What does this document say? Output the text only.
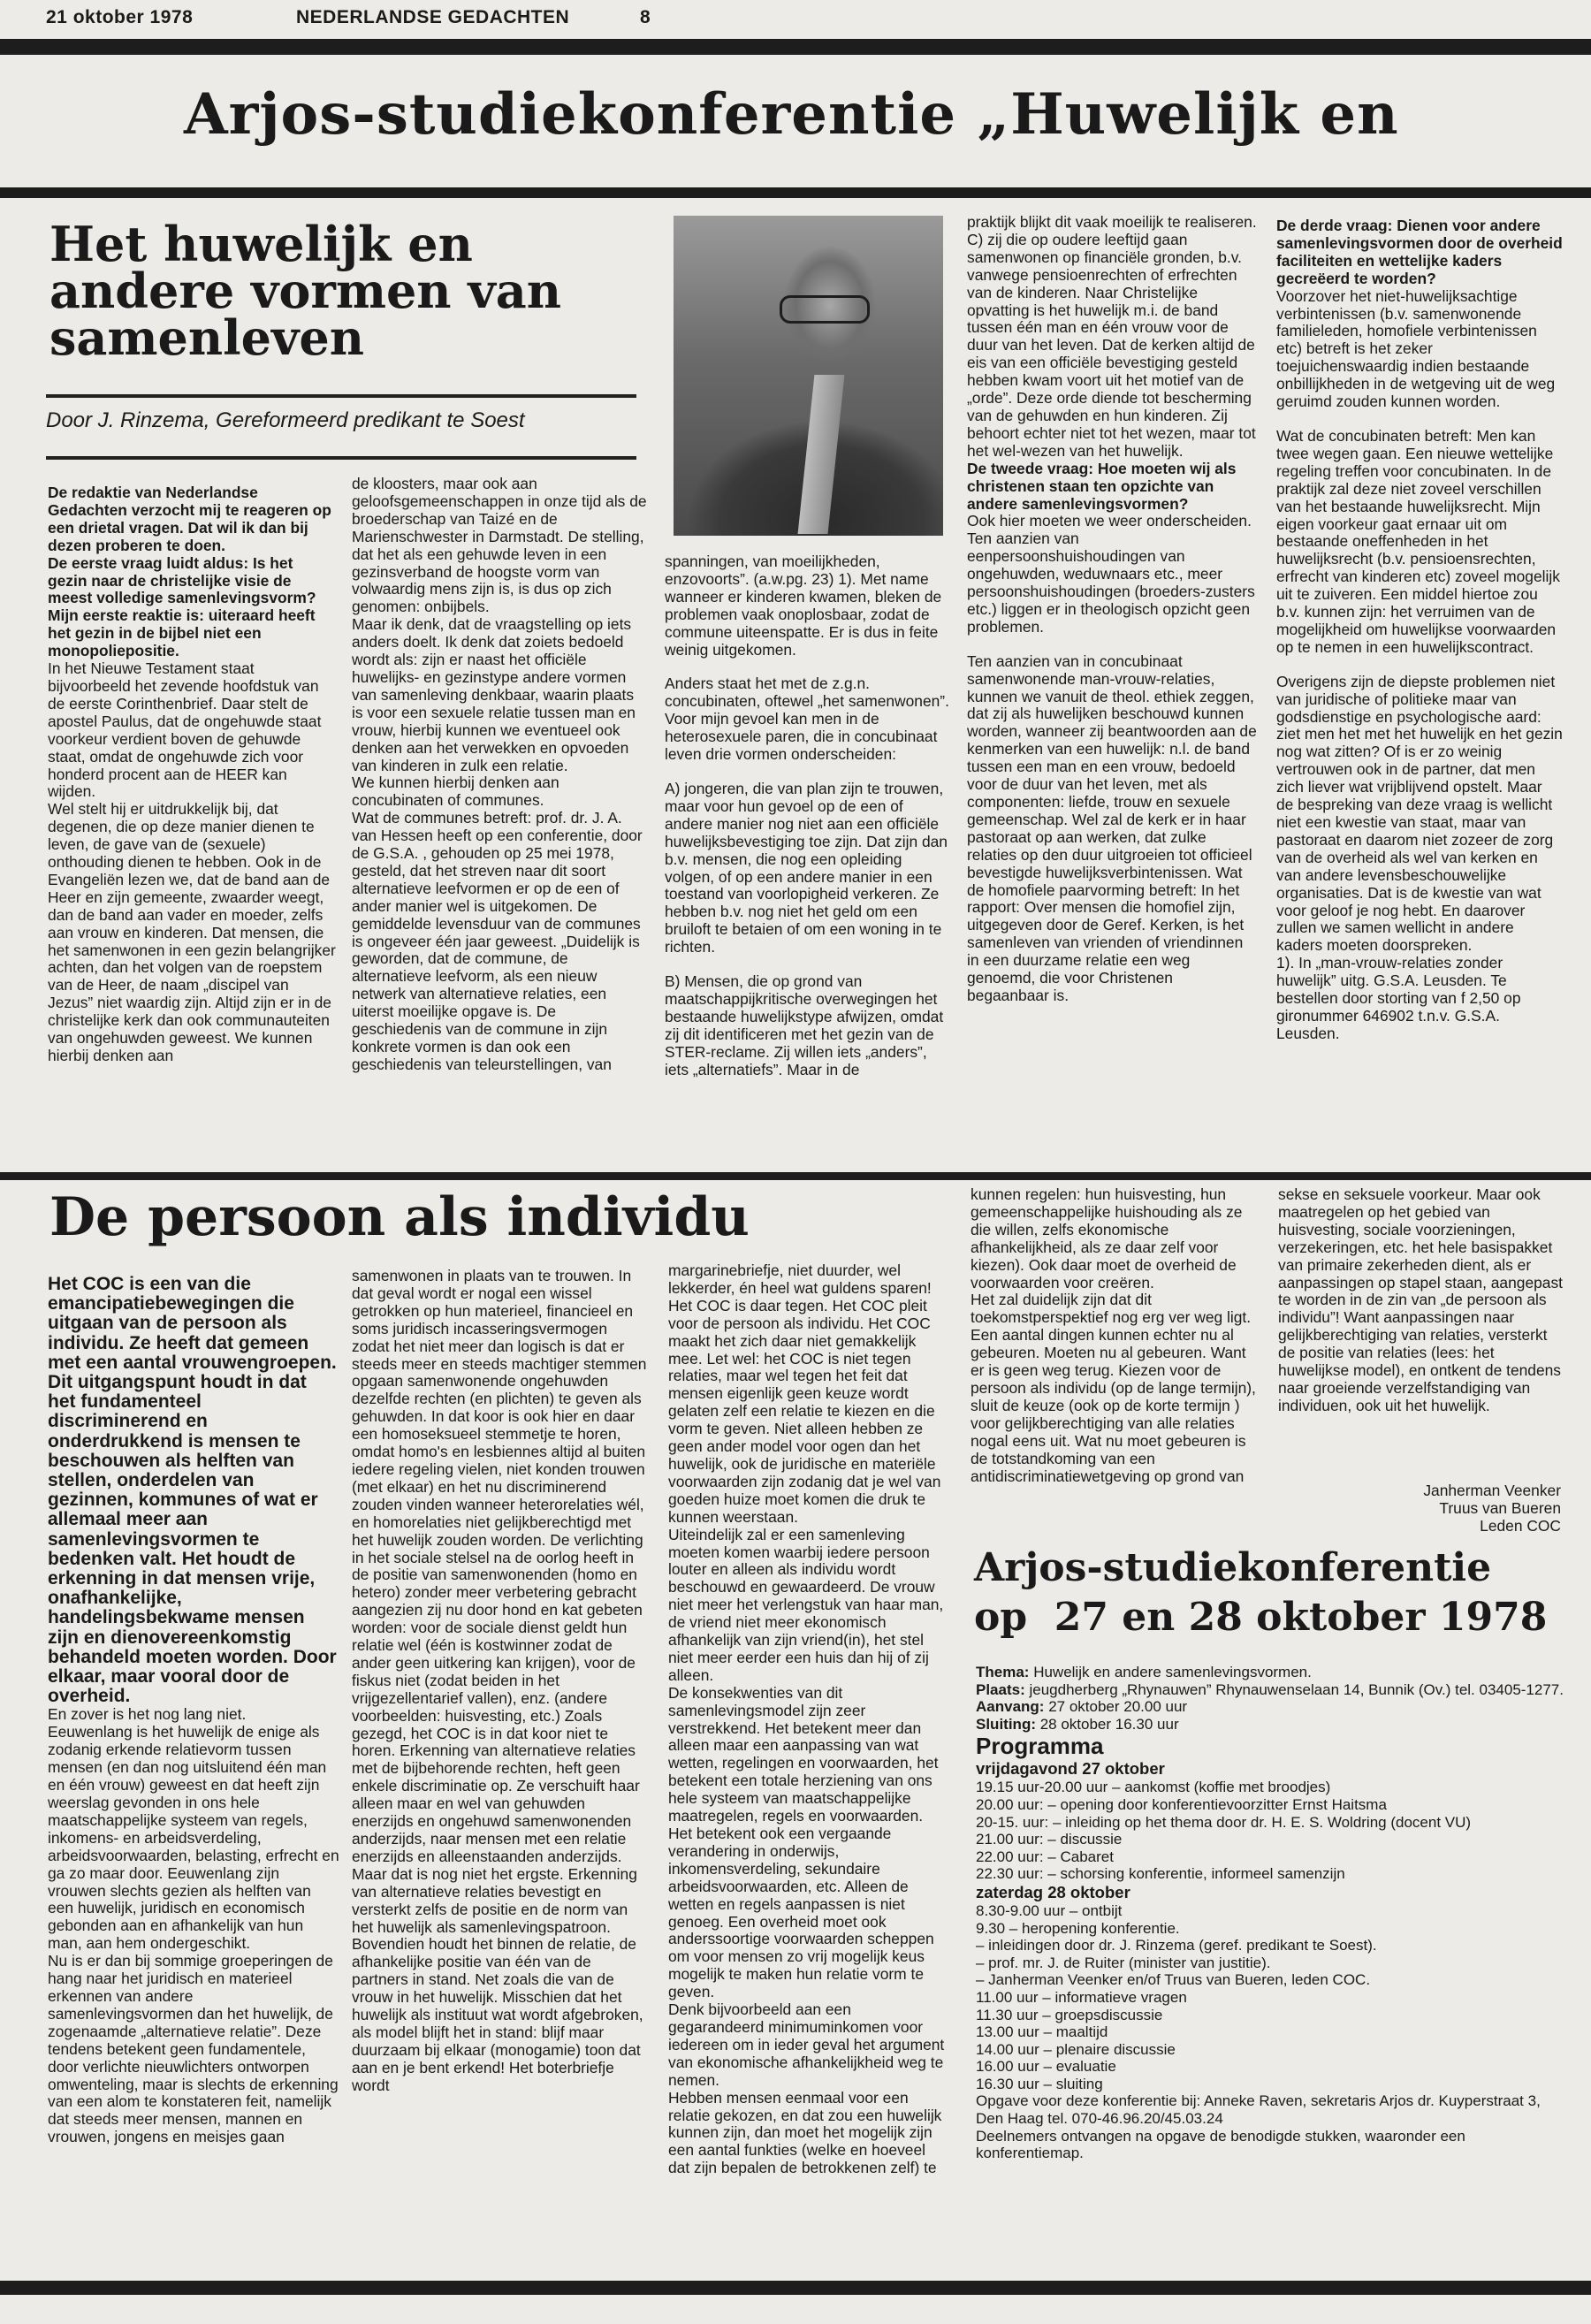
21 oktober 1978	NEDERLANDSE GEDACHTEN	8
Arjos-studiekonferentie „Huwelijk en
Het huwelijk en
andere vormen van
samenleven
Door J. Rinzema, Gereformeerd predikant te Soest

De redaktie van Nederlandse Gedachten verzocht mij te reageren op een drietal vragen. Dat wil ik dan bij dezen proberen te doen.

De eerste vraag luidt aldus: Is het gezin naar de christelijke visie de meest volledige samenlevingsvorm?

Mijn eerste reaktie is: uiteraard heeft het gezin in de bijbel niet een monopoliepositie.

In het Nieuwe Testament staat bijvoorbeeld het zevende hoofdstuk van de eerste Corinthenbrief. Daar stelt de apostel Paulus, dat de ongehuwde staat voorkeur verdient boven de gehuwde staat, omdat de ongehuwde zich voor honderd procent aan de HEER kan wijden.

Wel stelt hij er uitdrukkelijk bij, dat degenen, die op deze manier dienen te leven, de gave van de (sexuele) onthouding dienen te hebben. Ook in de Evangeliën lezen we, dat de band aan de Heer en zijn gemeente, zwaarder weegt, dan de band aan vader en moeder, zelfs aan vrouw en kinderen. Dat mensen, die het samenwonen in een gezin belangrijker achten, dan het volgen van de roepstem van de Heer, de naam „discipel van Jezus” niet waardig zijn. Altijd zijn er in de christelijke kerk dan ook communauteiten van ongehuwden geweest. We kunnen hierbij denken aan

de kloosters, maar ook aan geloofsgemeenschappen in onze tijd als de broederschap van Taizé en de Marienschwester in Darmstadt. De stelling, dat het als een gehuwde leven in een gezinsverband de hoogste vorm van volwaardig mens zijn is, is dus op zich genomen: onbijbels.

Maar ik denk, dat de vraagstelling op iets anders doelt. Ik denk dat zoiets bedoeld wordt als: zijn er naast het officiële huwelijks- en gezinstype andere vormen van samenleving denkbaar, waarin plaats is voor een sexuele relatie tussen man en vrouw, hierbij kunnen we eventueel ook denken aan het verwekken en opvoeden van kinderen in zulk een relatie.

We kunnen hierbij denken aan concubinaten of communes.

Wat de communes betreft: prof. dr. J. A. van Hessen heeft op een conferentie, door de G.S.A. , gehouden op 25 mei 1978, gesteld, dat het streven naar dit soort alternatieve leefvormen er op de een of ander manier wel is uitgekomen. De gemiddelde levensduur van de communes is ongeveer één jaar geweest. „Duidelijk is geworden, dat de commune, de alternatieve leefvorm, als een nieuw netwerk van alternatieve relaties, een uiterst moeilijke opgave is. De geschiedenis van de commune in zijn konkrete vormen is dan ook een geschiedenis van teleurstellingen, van

spanningen, van moeilijkheden, enzovoorts”. (a.w.pg. 23) 1). Met name wanneer er kinderen kwamen, bleken de problemen vaak onoplosbaar, zodat de commune uiteenspatte. Er is dus in feite weinig uitgekomen.

Anders staat het met de z.g.n. concubinaten, oftewel „het samenwonen”. Voor mijn gevoel kan men in de heterosexuele paren, die in concubinaat leven drie vormen onderscheiden:

A) jongeren, die van plan zijn te trouwen, maar voor hun gevoel op de een of andere manier nog niet aan een officiële huwelijksbevestiging toe zijn. Dat zijn dan b.v. mensen, die nog een opleiding volgen, of op een andere manier in een toestand van voorlopigheid verkeren. Ze hebben b.v. nog niet het geld om een bruiloft te betaien of om een woning in te richten.

B) Mensen, die op grond van maatschappijkritische overwegingen het bestaande huwelijkstype afwijzen, omdat zij dit identificeren met het gezin van de STER-reclame. Zij willen iets „anders”, iets „alternatiefs”. Maar in de

praktijk blijkt dit vaak moeilijk te realiseren. C) zij die op oudere leeftijd gaan samenwonen op financiële gronden, b.v. vanwege pensioenrechten of erfrechten van de kinderen. Naar Christelijke opvatting is het huwelijk m.i. de band tussen één man en één vrouw voor de duur van het leven. Dat de kerken altijd de eis van een officiële bevestiging gesteld hebben kwam voort uit het motief van de „orde”. Deze orde diende tot bescherming van de gehuwden en hun kinderen. Zij behoort echter niet tot het wezen, maar tot het wel-wezen van het huwelijk.

De tweede vraag: Hoe moeten wij als christenen staan ten opzichte van andere samenlevingsvormen?

Ook hier moeten we weer onderscheiden. Ten aanzien van eenpersoonshuishoudingen van ongehuwden, weduwnaars etc., meer persoonshuishoudingen (broeders-zusters etc.) liggen er in theologisch opzicht geen problemen.

Ten aanzien van in concubinaat samenwonende man-vrouw-relaties, kunnen we vanuit de theol. ethiek zeggen, dat zij als huwelijken beschouwd kunnen worden, wanneer zij beantwoorden aan de kenmerken van een huwelijk: n.l. de band tussen een man en een vrouw, bedoeld voor de duur van het leven, met als componenten: liefde, trouw en sexuele gemeenschap. Wel zal de kerk er in haar pastoraat op aan werken, dat zulke relaties op den duur uitgroeien tot officieel bevestigde huwelijksverbintenissen. Wat de homofiele paarvorming betreft: In het rapport: Over mensen die homofiel zijn, uitgegeven door de Geref. Kerken, is het samenleven van vrienden of vriendinnen in een duurzame relatie een weg genoemd, die voor Christenen begaanbaar is.

De derde vraag: Dienen voor andere samenlevingsvormen door de overheid faciliteiten en wettelijke kaders gecreëerd te worden?

Voorzover het niet-huwelijksachtige verbintenissen (b.v. samenwonende familieleden, homofiele verbintenissen etc) betreft is het zeker toejuichenswaardig indien bestaande onbillijkheden in de wetgeving uit de weg geruimd zouden kunnen worden.

Wat de concubinaten betreft: Men kan twee wegen gaan. Een nieuwe wettelijke regeling treffen voor concubinaten. In de praktijk zal deze niet zoveel verschillen van het bestaande huwelijksrecht. Mijn eigen voorkeur gaat ernaar uit om bestaande oneffenheden in het huwelijksrecht (b.v. pensioensrechten, erfrecht van kinderen etc) zoveel mogelijk uit te zuiveren. Een middel hiertoe zou b.v. kunnen zijn: het verruimen van de mogelijkheid om huwelijkse voorwaarden op te nemen in een huwelijkscontract.

Overigens zijn de diepste problemen niet van juridische of politieke maar van godsdienstige en psychologische aard: ziet men het met het huwelijk en het gezin nog wat zitten? Of is er zo weinig vertrouwen ook in de partner, dat men zich liever wat vrijblijvend opstelt. Maar de bespreking van deze vraag is wellicht niet een kwestie van staat, maar van pastoraat en daarom niet zozeer de zorg van de overheid als wel van kerken en van andere levensbeschouwelijke organisaties. Dat is de kwestie van wat voor geloof je nog hebt. En daarover zullen we samen wellicht in andere kaders moeten doorspreken.

1). In „man-vrouw-relaties zonder huwelijk” uitg. G.S.A. Leusden. Te bestellen door storting van f 2,50 op gironummer 646902 t.n.v. G.S.A. Leusden.

De persoon als individu

Het COC is een van die emancipatiebewegingen die uitgaan van de persoon als individu. Ze heeft dat gemeen met een aantal vrouwengroepen. Dit uitgangspunt houdt in dat het fundamenteel discriminerend en onderdrukkend is mensen te beschouwen als helften van stellen, onderdelen van gezinnen, kommunes of wat er allemaal meer aan samenlevingsvormen te bedenken valt. Het houdt de erkenning in dat mensen vrije, onafhankelijke, handelingsbekwame mensen zijn en dienovereenkomstig behandeld moeten worden. Door elkaar, maar vooral door de overheid.

En zover is het nog lang niet.

Eeuwenlang is het huwelijk de enige als zodanig erkende relatievorm tussen mensen (en dan nog uitsluitend één man en één vrouw) geweest en dat heeft zijn weerslag gevonden in ons hele maatschappelijke systeem van regels, inkomens- en arbeidsverdeling, arbeidsvoorwaarden, belasting, erfrecht en ga zo maar door. Eeuwenlang zijn vrouwen slechts gezien als helften van een huwelijk, juridisch en economisch gebonden aan en afhankelijk van hun man, aan hem ondergeschikt.

Nu is er dan bij sommige groeperingen de hang naar het juridisch en materieel erkennen van andere samenlevingsvormen dan het huwelijk, de zogenaamde „alternatieve relatie”. Deze tendens betekent geen fundamentele, door verlichte nieuwlichters ontworpen omwenteling, maar is slechts de erkenning van een alom te konstateren feit, namelijk dat steeds meer mensen, mannen en vrouwen, jongens en meisjes gaan

samenwonen in plaats van te trouwen. In dat geval wordt er nogal een wissel getrokken op hun materieel, financieel en soms juridisch incasseringsvermogen zodat het niet meer dan logisch is dat er steeds meer en steeds machtiger stemmen opgaan samenwonende ongehuwden dezelfde rechten (en plichten) te geven als gehuwden. In dat koor is ook hier en daar een homoseksueel stemmetje te horen, omdat homo's en lesbiennes altijd al buiten iedere regeling vielen, niet konden trouwen (met elkaar) en het nu discriminerend zouden vinden wanneer heterorelaties wél, en homorelaties niet gelijkberechtigd met het huwelijk zouden worden. De verlichting in het sociale stelsel na de oorlog heeft in de positie van samenwonenden (homo en hetero) zonder meer verbetering gebracht aangezien zij nu door hond en kat gebeten worden: voor de sociale dienst geldt hun relatie wel (één is kostwinner zodat de ander geen uitkering kan krijgen), voor de fiskus niet (zodat beiden in het vrijgezellentarief vallen), enz. (andere voorbeelden: huisvesting, etc.) Zoals gezegd, het COC is in dat koor niet te horen. Erkenning van alternatieve relaties met de bijbehorende rechten, heft geen enkele discriminatie op. Ze verschuift haar alleen maar en wel van gehuwden enerzijds en ongehuwd samenwonenden anderzijds, naar mensen met een relatie enerzijds en alleenstaanden anderzijds. Maar dat is nog niet het ergste. Erkenning van alternatieve relaties bevestigt en versterkt zelfs de positie en de norm van het huwelijk als samenlevingspatroon. Bovendien houdt het binnen de relatie, de afhankelijke positie van één van de partners in stand. Net zoals die van de vrouw in het huwelijk. Misschien dat het huwelijk als instituut wat wordt afgebroken, als model blijft het in stand: blijf maar duurzaam bij elkaar (monogamie) toon dat aan en je bent erkend! Het boterbriefje wordt

margarinebriefje, niet duurder, wel lekkerder, én heel wat guldens sparen! Het COC is daar tegen. Het COC pleit voor de persoon als individu. Het COC maakt het zich daar niet gemakkelijk mee. Let wel: het COC is niet tegen relaties, maar wel tegen het feit dat mensen eigenlijk geen keuze wordt gelaten zelf een relatie te kiezen en die vorm te geven. Niet alleen hebben ze geen ander model voor ogen dan het huwelijk, ook de juridische en materiële voorwaarden zijn zodanig dat je wel van goeden huize moet komen die druk te kunnen weerstaan.

Uiteindelijk zal er een samenleving moeten komen waarbij iedere persoon louter en alleen als individu wordt beschouwd en gewaardeerd. De vrouw niet meer het verlengstuk van haar man, de vriend niet meer ekonomisch afhankelijk van zijn vriend(in), het stel niet meer eerder een huis dan hij of zij alleen.

De konsekwenties van dit samenlevingsmodel zijn zeer verstrekkend. Het betekent meer dan alleen maar een aanpassing van wat wetten, regelingen en voorwaarden, het betekent een totale herziening van ons hele systeem van maatschappelijke maatregelen, regels en voorwaarden. Het betekent ook een vergaande verandering in onderwijs, inkomensverdeling, sekundaire arbeidsvoorwaarden, etc. Alleen de wetten en regels aanpassen is niet genoeg. Een overheid moet ook anderssoortige voorwaarden scheppen om voor mensen zo vrij mogelijk keus mogelijk te maken hun relatie vorm te geven.

Denk bijvoorbeeld aan een gegarandeerd minimuminkomen voor iedereen om in ieder geval het argument van ekonomische afhankelijkheid weg te nemen.

Hebben mensen eenmaal voor een relatie gekozen, en dat zou een huwelijk kunnen zijn, dan moet het mogelijk zijn een aantal funkties (welke en hoeveel dat zijn bepalen de betrokkenen zelf) te

kunnen regelen: hun huisvesting, hun gemeenschappelijke huishouding als ze die willen, zelfs ekonomische afhankelijkheid, als ze daar zelf voor kiezen). Ook daar moet de overheid de voorwaarden voor creëren.

Het zal duidelijk zijn dat dit toekomstperspektief nog erg ver weg ligt. Een aantal dingen kunnen echter nu al gebeuren. Moeten nu al gebeuren. Want er is geen weg terug. Kiezen voor de persoon als individu (op de lange termijn), sluit de keuze (ook op de korte termijn ) voor gelijkberechtiging van alle relaties nogal eens uit. Wat nu moet gebeuren is de totstandkoming van een antidiscriminatiewetgeving op grond van

sekse en seksuele voorkeur. Maar ook maatregelen op het gebied van huisvesting, sociale voorzieningen, verzekeringen, etc. het hele basispakket van primaire zekerheden dient, als er aanpassingen op stapel staan, aangepast te worden in de zin van „de persoon als individu”! Want aanpassingen naar gelijkberechtiging van relaties, versterkt de positie van relaties (lees: het huwelijkse model), en ontkent de tendens naar groeiende verzelfstandiging van individuen, ook uit het huwelijk.

Janherman Veenker
Truus van Bueren
Leden COC
Arjos-studiekonferentie
op  27 en 28 oktober 1978

Thema: Huwelijk en andere samenlevingsvormen.

Plaats: jeugdherberg „Rhynauwen” Rhynauwenselaan 14, Bunnik (Ov.) tel. 03405-1277.

Aanvang: 27 oktober 20.00 uur

Sluiting: 28 oktober 16.30 uur

Programma

vrijdagavond 27 oktober

19.15 uur-20.00 uur – aankomst (koffie met broodjes)

20.00 uur: – opening door konferentievoorzitter Ernst Haitsma

20-15. uur: – inleiding op het thema door dr. H. E. S. Woldring (docent VU)

21.00 uur: – discussie

22.00 uur: – Cabaret

22.30 uur: – schorsing konferentie, informeel samenzijn

zaterdag 28 oktober

8.30-9.00 uur – ontbijt

9.30 – heropening konferentie.

– inleidingen door dr. J. Rinzema (geref. predikant te Soest).

– prof. mr. J. de Ruiter (minister van justitie).

– Janherman Veenker en/of Truus van Bueren, leden COC.

11.00 uur – informatieve vragen

11.30 uur – groepsdiscussie

13.00 uur – maaltijd

14.00 uur – plenaire discussie

16.00 uur – evaluatie

16.30 uur – sluiting

Opgave voor deze konferentie bij: Anneke Raven, sekretaris Arjos dr. Kuyperstraat 3, Den Haag tel. 070-46.96.20/45.03.24

Deelnemers ontvangen na opgave de benodigde stukken, waaronder een konferentiemap.
